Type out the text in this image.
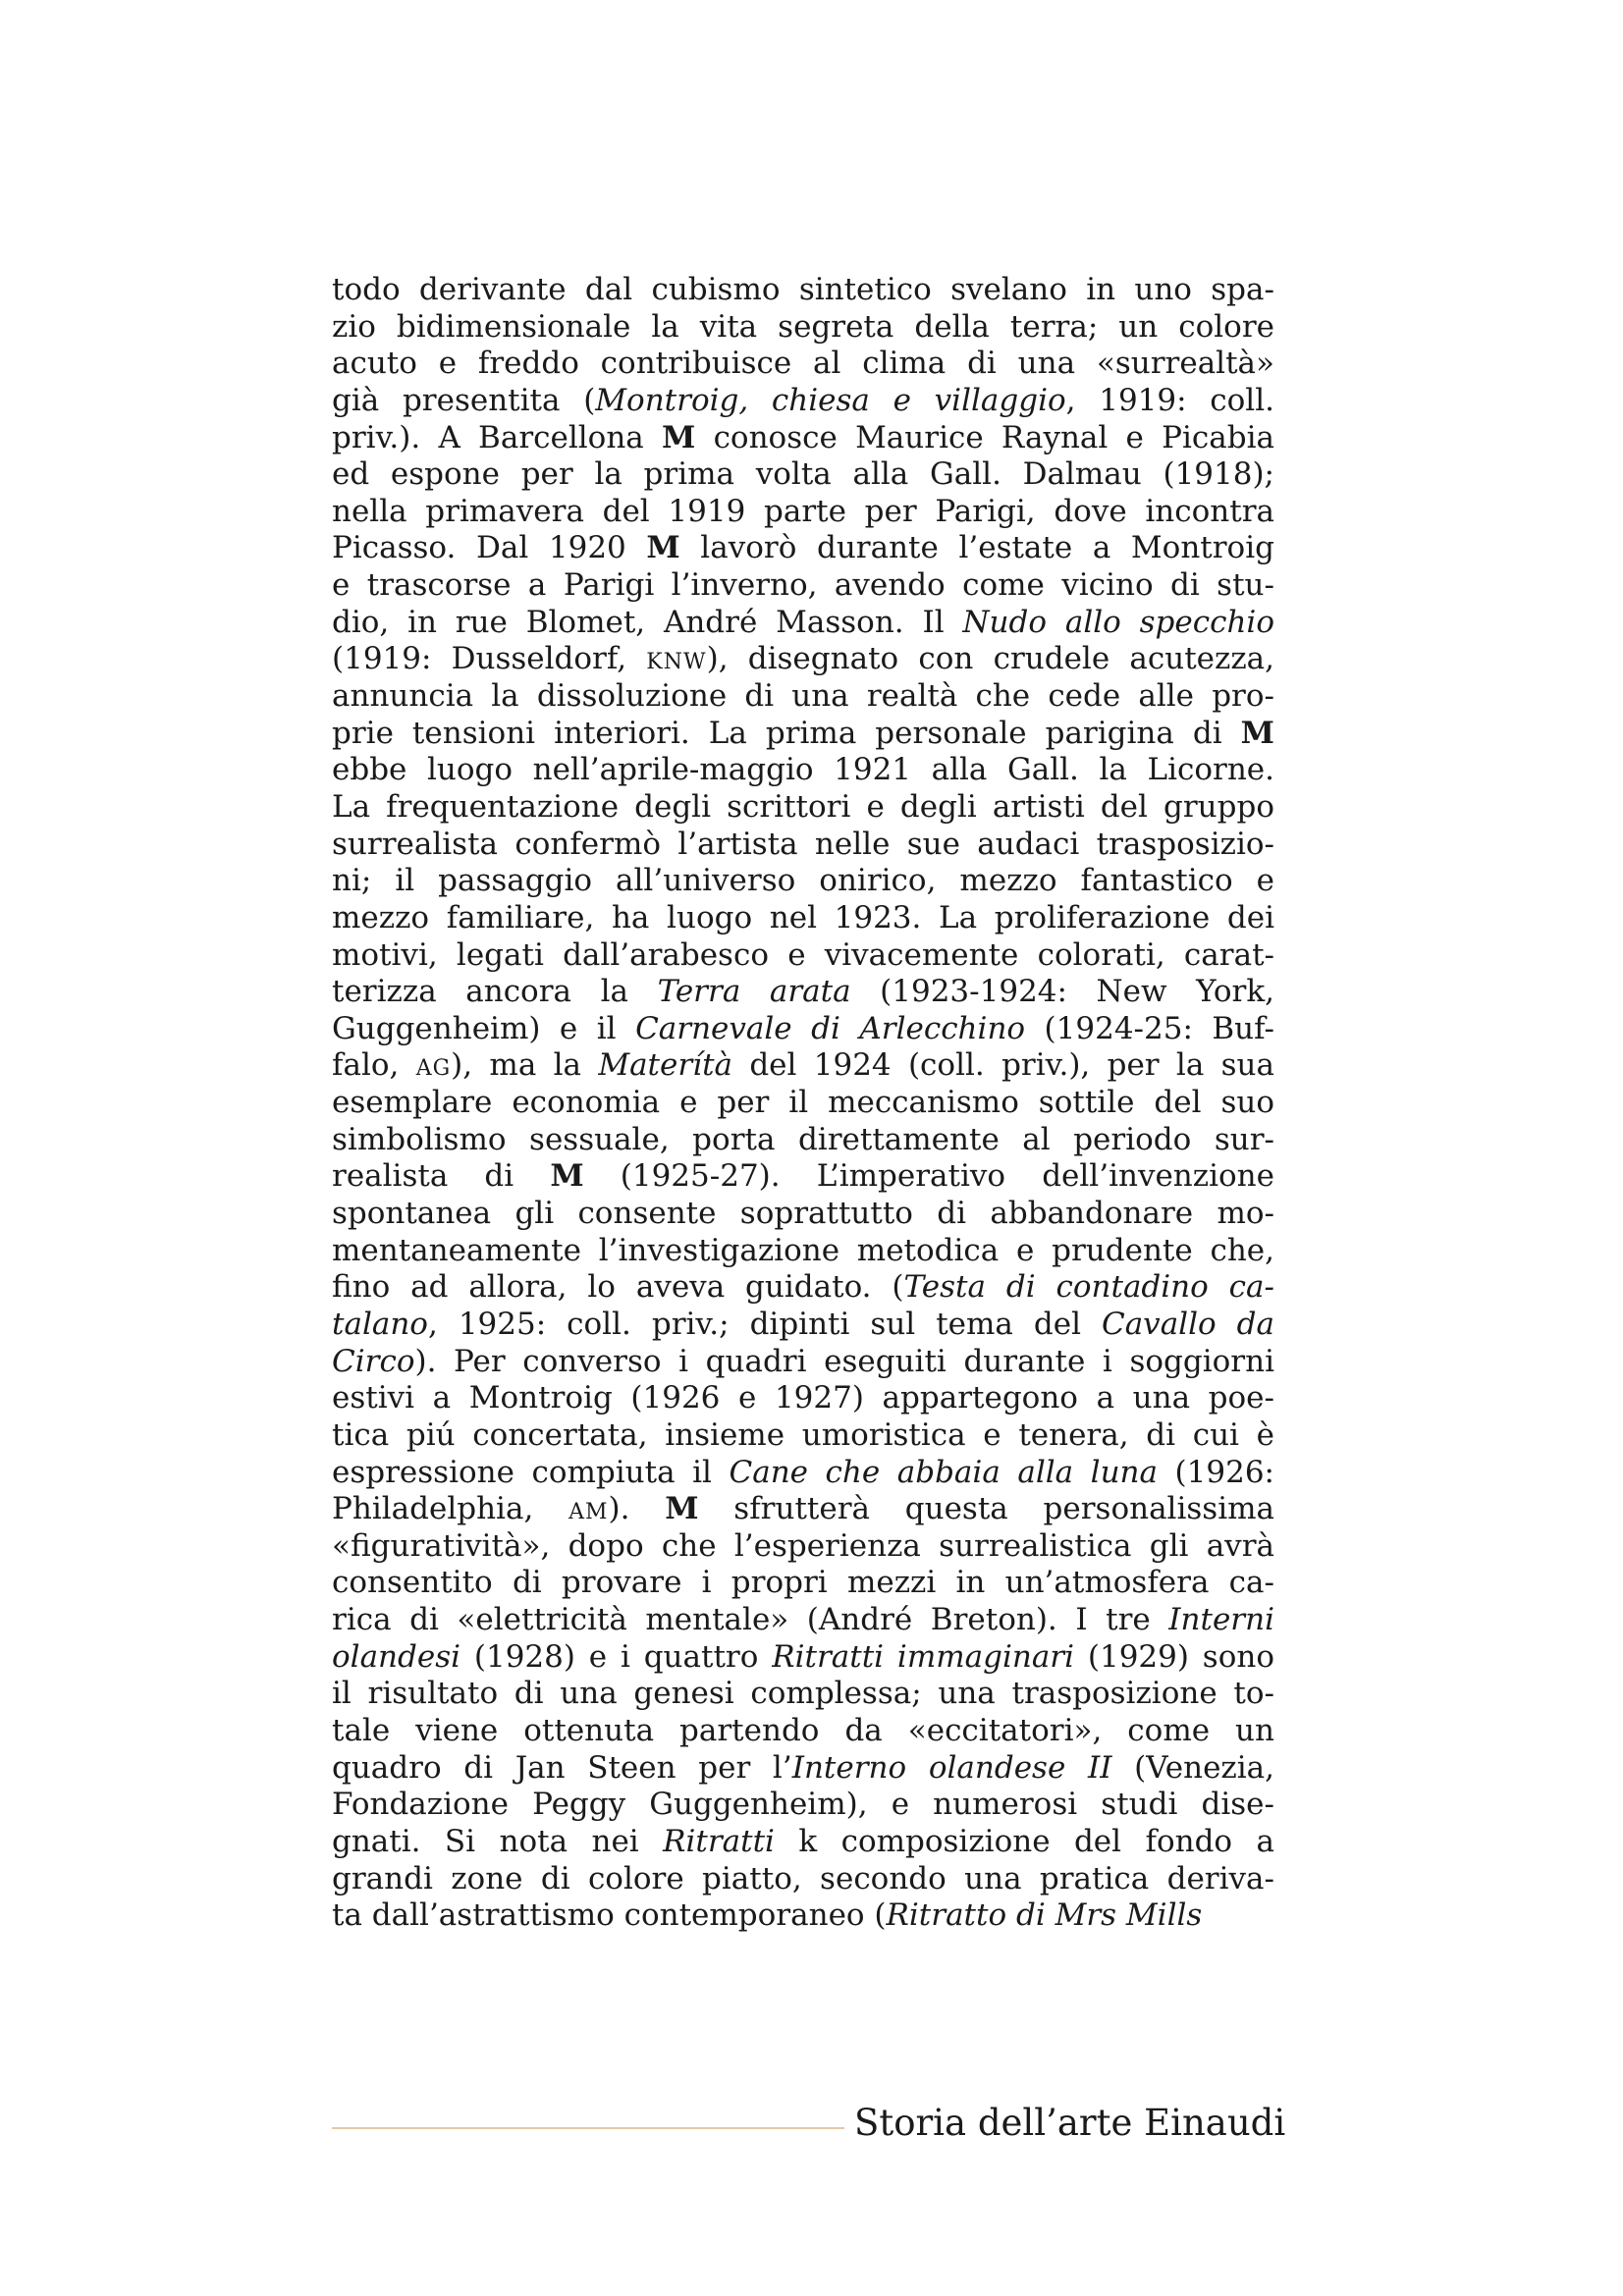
todo derivante dal cubismo sintetico svelano in uno spa-
zio bidimensionale la vita segreta della terra; un colore
acuto e freddo contribuisce al clima di una «surrealtà»
già presentita (Montroig, chiesa e villaggio, 1919: coll.
priv.). A Barcellona M conosce Maurice Raynal e Picabia
ed espone per la prima volta alla Gall. Dalmau (1918);
nella primavera del 1919 parte per Parigi, dove incontra
Picasso. Dal 1920 M lavorò durante l’estate a Montroig
e trascorse a Parigi l’inverno, avendo come vicino di stu-
dio, in rue Blomet, André Masson. Il Nudo allo specchio
(1919: Dusseldorf, knw), disegnato con crudele acutezza,
annuncia la dissoluzione di una realtà che cede alle pro-
prie tensioni interiori. La prima personale parigina di M
ebbe luogo nell’aprile-maggio 1921 alla Gall. la Licorne.
La frequentazione degli scrittori e degli artisti del gruppo
surrealista confermò l’artista nelle sue audaci trasposizio-
ni; il passaggio all’universo onirico, mezzo fantastico e
mezzo familiare, ha luogo nel 1923. La proliferazione dei
motivi, legati dall’arabesco e vivacemente colorati, carat-
terizza ancora la Terra arata (1923-1924: New York,
Guggenheim) e il Carnevale di Arlecchino (1924-25: Buf-
falo, ag), ma la Materítà del 1924 (coll. priv.), per la sua
esemplare economia e per il meccanismo sottile del suo
simbolismo sessuale, porta direttamente al periodo sur-
realista di M (1925-27). L’imperativo dell’invenzione
spontanea gli consente soprattutto di abbandonare mo-
mentaneamente l’investigazione metodica e prudente che,
fino ad allora, lo aveva guidato. (Testa di contadino ca-
talano, 1925: coll. priv.; dipinti sul tema del Cavallo da
Circo). Per converso i quadri eseguiti durante i soggiorni
estivi a Montroig (1926 e 1927) appartegono a una poe-
tica piú concertata, insieme umoristica e tenera, di cui è
espressione compiuta il Cane che abbaia alla luna (1926:
Philadelphia, am). M sfrutterà questa personalissima
«figuratività», dopo che l’esperienza surrealistica gli avrà
consentito di provare i propri mezzi in un’atmosfera ca-
rica di «elettricità mentale» (André Breton). I tre Interni
olandesi (1928) e i quattro Ritratti immaginari (1929) sono
il risultato di una genesi complessa; una trasposizione to-
tale viene ottenuta partendo da «eccitatori», come un
quadro di Jan Steen per l’Interno olandese II (Venezia,
Fondazione Peggy Guggenheim), e numerosi studi dise-
gnati. Si nota nei Ritratti k composizione del fondo a
grandi zone di colore piatto, secondo una pratica deriva-
ta dall’astrattismo contemporaneo (Ritratto di Mrs Mills
Storia dell’arte Einaudi
